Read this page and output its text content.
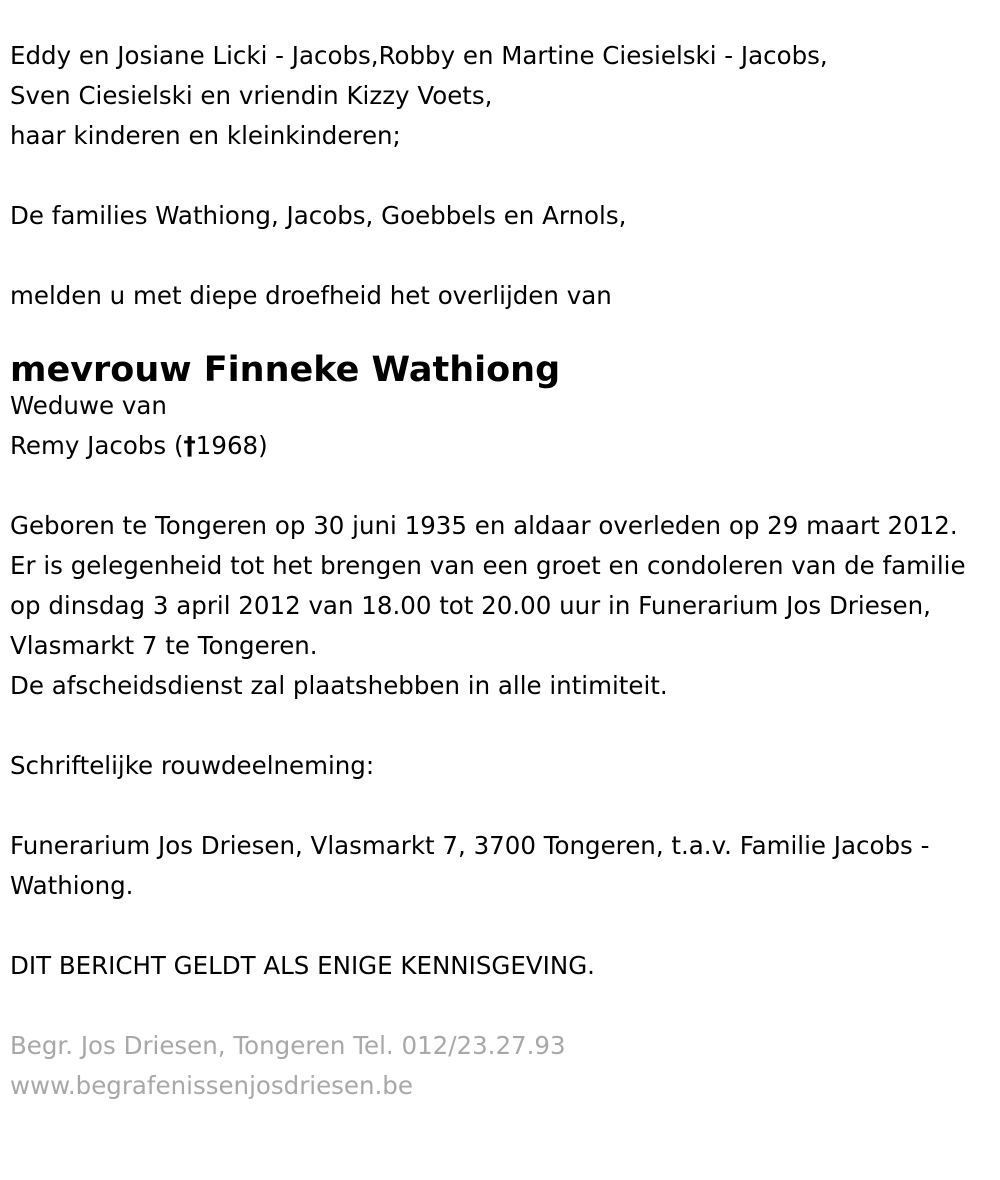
Eddy en Josiane Licki - Jacobs,Robby en Martine Ciesielski - Jacobs,
Sven Ciesielski en vriendin Kizzy Voets,
haar kinderen en kleinkinderen;
De families Wathiong, Jacobs, Goebbels en Arnols,
melden u met diepe droefheid het overlijden van
mevrouw Finneke Wathiong
Weduwe van
Remy Jacobs (†1968)
Geboren te Tongeren op 30 juni 1935 en aldaar overleden op 29 maart 2012.
Er is gelegenheid tot het brengen van een groet en condoleren van de familie op dinsdag 3 april 2012 van 18.00 tot 20.00 uur in Funerarium Jos Driesen, Vlasmarkt 7 te Tongeren.
De afscheidsdienst zal plaatshebben in alle intimiteit.
Schriftelijke rouwdeelneming:
Funerarium Jos Driesen, Vlasmarkt 7, 3700 Tongeren, t.a.v. Familie Jacobs - Wathiong.
DIT BERICHT GELDT ALS ENIGE KENNISGEVING.
Begr. Jos Driesen, Tongeren Tel. 012/23.27.93
www.begrafenissenjosdriesen.be
